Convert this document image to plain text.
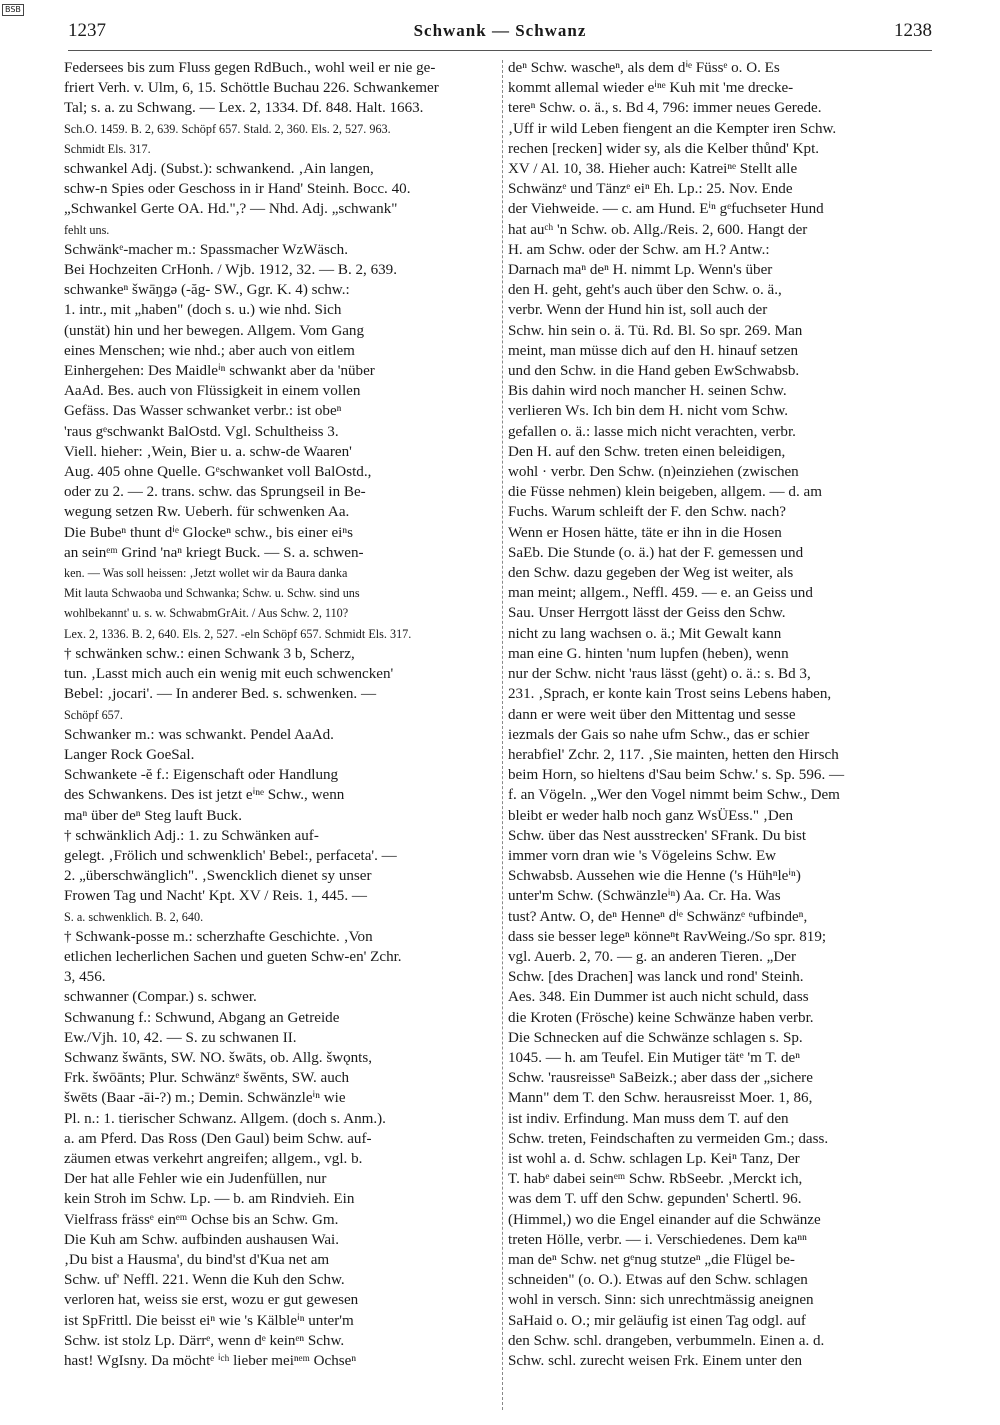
BSB
1237	Schwank — Schwanz	1238
Federsees bis zum Fluss gegen RdBuch., wohl weil er nie ge-
friert Verh. v. Ulm, 6, 15. Schöttle Buchau 226. Schwankemer
Tal; s. a. zu Schwang. — Lex. 2, 1334. Df. 848. Halt. 1663.
Sch.O. 1459. B. 2, 639. Schöpf 657. Stald. 2, 360. Els. 2, 527. 963.
Schmidt Els. 317.
schwankel Adj. (Subst.): schwankend. ‚Ain langen,
schw-n Spies oder Geschoss in ir Hand' Steinh. Bocc. 40.
„Schwankel Gerte OA. Hd.",? — Nhd. Adj. „schwank"
fehlt uns.
Schwänkᵉ-macher m.: Spassmacher WzWäsch.
Bei Hochzeiten CrHonh. / Wjb. 1912, 32. — B. 2, 639.
schwankeⁿ šwāŋgə (-ăg- SW., Ggr. K. 4) schw.:
1. intr., mit „haben" (doch s. u.) wie nhd. Sich
(unstät) hin und her bewegen. Allgem. Vom Gang
eines Menschen; wie nhd.; aber auch von eitlem
Einhergehen: Des Maidleⁱⁿ schwankt aber da 'nüber
AaAd. Bes. auch von Flüssigkeit in einem vollen
Gefäss. Das Wasser schwanket verbr.: ist obeⁿ
'raus gᵉschwankt BalOstd. Vgl. Schultheiss 3.
Viell. hieher: ‚Wein, Bier u. a. schw-de Waaren'
Aug. 405 ohne Quelle. Gᵉschwanket voll BalOstd.,
oder zu 2. — 2. trans. schw. das Sprungseil in Be-
wegung setzen Rw. Ueberh. für schwenken Aa.
Die Bubeⁿ thunt dⁱᵉ Glockeⁿ schw., bis einer eiⁿs
an seinᵉᵐ Grind 'naⁿ kriegt Buck. — S. a. schwen-
ken. — Was soll heissen: ‚Jetzt wollet wir da Baura danka
Mit lauta Schwaoba und Schwanka; Schw. u. Schw. sind uns
wohlbekannt' u. s. w. SchwabmGrAit. / Aus Schw. 2, 110?
Lex. 2, 1336. B. 2, 640. Els. 2, 527. -eln Schöpf 657. Schmidt Els. 317.
† schwänken schw.: einen Schwank 3 b, Scherz,
tun. ‚Lasst mich auch ein wenig mit euch schwencken'
Bebel: ‚jocari'. — In anderer Bed. s. schwenken. —
Schöpf 657.
Schwanker m.: was schwankt. Pendel AaAd.
Langer Rock GoeSal.
Schwankete -ĕ f.: Eigenschaft oder Handlung
des Schwankens. Des ist jetzt eⁱⁿᵉ Schw., wenn
maⁿ über deⁿ Steg lauft Buck.
† schwänklich Adj.: 1. zu Schwänken auf-
gelegt. ‚Frölich und schwenklich' Bebel:, perfaceta'. —
2. „überschwänglich". ‚Swencklich dienet sy unser
Frowen Tag und Nacht' Kpt. XV / Reis. 1, 445. —
S. a. schwenklich. B. 2, 640.
† Schwank-posse m.: scherzhafte Geschichte. ‚Von
etlichen lecherlichen Sachen und gueten Schw-en' Zchr.
3, 456.
schwanner (Compar.) s. schwer.
Schwanung f.: Schwund, Abgang an Getreide
Ew./Vjh. 10, 42. — S. zu schwanen II.
Schwanz šwānts, SW. NO. šwāts, ob. Allg. šwǫnts,
Frk. šwōānts; Plur. Schwänzᵉ šwēnts, SW. auch
šwēts (Baar -āi-?) m.; Demin. Schwänzleⁱⁿ wie
Pl. n.: 1. tierischer Schwanz. Allgem. (doch s. Anm.).
a. am Pferd. Das Ross (Den Gaul) beim Schw. auf-
zäumen etwas verkehrt angreifen; allgem., vgl. b.
Der hat alle Fehler wie ein Judenfüllen, nur
kein Stroh im Schw. Lp. — b. am Rindvieh. Ein
Vielfrass frässᵉ einᵉᵐ Ochse bis an Schw. Gm.
Die Kuh am Schw. aufbinden aushausen Wai.
‚Du bist a Hausma', du bind'st d'Kua net am
Schw. uf' Neffl. 221. Wenn die Kuh den Schw.
verloren hat, weiss sie erst, wozu er gut gewesen
ist SpFrittl. Die beisst eiⁿ wie 's Kälbleⁱⁿ unter'm
Schw. ist stolz Lp. Därrᵉ, wenn dᵉ keinᵉⁿ Schw.
hast! WgIsny. Da möchtᵉ ⁱᶜʰ lieber meiⁿᵉᵐ Ochseⁿ
deⁿ Schw. wascheⁿ, als dem dⁱᵉ Füssᵉ o. O. Es
kommt allemal wieder eⁱⁿᵉ Kuh mit 'me drecke-
tereⁿ Schw. o. ä., s. Bd 4, 796: immer neues Gerede.
‚Uff ir wild Leben fiengent an die Kempter iren Schw.
rechen [recken] wider sy, als die Kelber thůnd' Kpt.
XV / Al. 10, 38. Hieher auch: Katreiⁿᵉ Stellt alle
Schwänzᵉ und Tänzᵉ eiⁿ Eh. Lp.: 25. Nov. Ende
der Viehweide. — c. am Hund. Eⁱⁿ gᵉfuchseter Hund
hat auᶜʰ 'n Schw. ob. Allg./Reis. 2, 600. Hangt der
H. am Schw. oder der Schw. am H.? Antw.:
Darnach maⁿ deⁿ H. nimmt Lp. Wenn's über
den H. geht, geht's auch über den Schw. o. ä.,
verbr. Wenn der Hund hin ist, soll auch der
Schw. hin sein o. ä. Tü. Rd. Bl. So spr. 269. Man
meint, man müsse dich auf den H. hinauf setzen
und den Schw. in die Hand geben EwSchwabsb.
Bis dahin wird noch mancher H. seinen Schw.
verlieren Ws. Ich bin dem H. nicht vom Schw.
gefallen o. ä.: lasse mich nicht verachten, verbr.
Den H. auf den Schw. treten einen beleidigen,
wohl · verbr. Den Schw. (n)einziehen (zwischen
die Füsse nehmen) klein beigeben, allgem. — d. am
Fuchs. Warum schleift der F. den Schw. nach?
Wenn er Hosen hätte, täte er ihn in die Hosen
SaEb. Die Stunde (o. ä.) hat der F. gemessen und
den Schw. dazu gegeben der Weg ist weiter, als
man meint; allgem., Neffl. 459. — e. an Geiss und
Sau. Unser Herrgott lässt der Geiss den Schw.
nicht zu lang wachsen o. ä.; Mit Gewalt kann
man eine G. hinten 'num lupfen (heben), wenn
nur der Schw. nicht 'raus lässt (geht) o. ä.: s. Bd 3,
231. ‚Sprach, er konte kain Trost seins Lebens haben,
dann er were weit über den Mittentag und sesse
iezmals der Gais so nahe ufm Schw., das er schier
herabfiel' Zchr. 2, 117. ‚Sie mainten, hetten den Hirsch
beim Horn, so hieltens d'Sau beim Schw.' s. Sp. 596. —
f. an Vögeln. „Wer den Vogel nimmt beim Schw., Dem
bleibt er weder halb noch ganz WsÜEss." ‚Den
Schw. über das Nest ausstrecken' SFrank. Du bist
immer vorn dran wie 's Vögeleins Schw. Ew
Schwabsb. Aussehen wie die Henne ('s Hühⁿleⁱⁿ)
unter'm Schw. (Schwänzleⁱⁿ) Aa. Cr. Ha. Was
tust? Antw. O, deⁿ Henneⁿ dⁱᵉ Schwänzᵉ ᵉufbindeⁿ,
dass sie besser legeⁿ könneⁿt RavWeing./So spr. 819;
vgl. Auerb. 2, 70. — g. an anderen Tieren. „Der
Schw. [des Drachen] was lanck und rond' Steinh.
Aes. 348. Ein Dummer ist auch nicht schuld, dass
die Kroten (Frösche) keine Schwänze haben verbr.
Die Schnecken auf die Schwänze schlagen s. Sp.
1045. — h. am Teufel. Ein Mutiger tätᵉ 'm T. deⁿ
Schw. 'rausreisseⁿ SaBeizk.; aber dass der „sichere
Mann" dem T. den Schw. herausreisst Moer. 1, 86,
ist indiv. Erfindung. Man muss dem T. auf den
Schw. treten, Feindschaften zu vermeiden Gm.; dass.
ist wohl a. d. Schw. schlagen Lp. Keiⁿ Tanz, Der
T. habᵉ dabei seinᵉᵐ Schw. RbSeebr. ‚Merckt ich,
was dem T. uff den Schw. gepunden' Schertl. 96.
(Himmel,) wo die Engel einander auf die Schwänze
treten Hölle, verbr. — i. Verschiedenes. Dem kaⁿⁿ
man deⁿ Schw. net gᵉnug stutzeⁿ „die Flügel be-
schneiden" (o. O.). Etwas auf den Schw. schlagen
wohl in versch. Sinn: sich unrechtmässig aneignen
SaHaid o. O.; mir geläufig ist einen Tag odgl. auf
den Schw. schl. drangeben, verbummeln. Einen a. d.
Schw. schl. zurecht weisen Frk. Einem unter den
